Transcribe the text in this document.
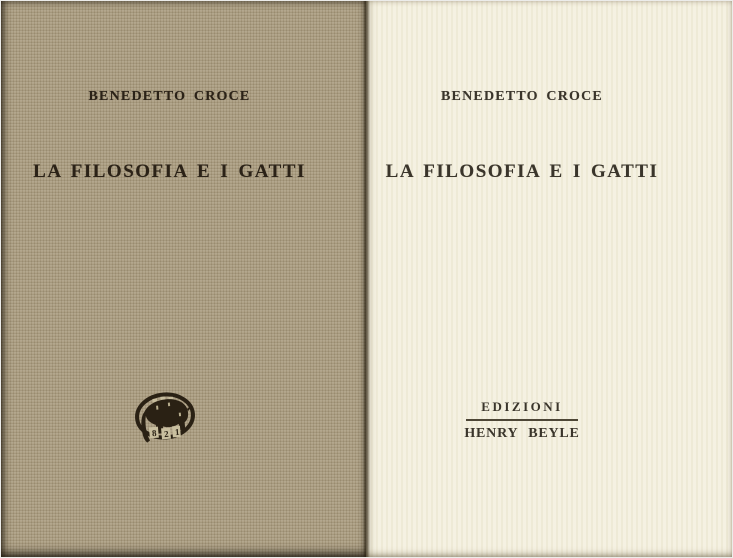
BENEDETTO CROCE
LA FILOSOFIA E I GATTI
8 2 1
BENEDETTO CROCE
LA FILOSOFIA E I GATTI
EDIZIONI
HENRY BEYLE
